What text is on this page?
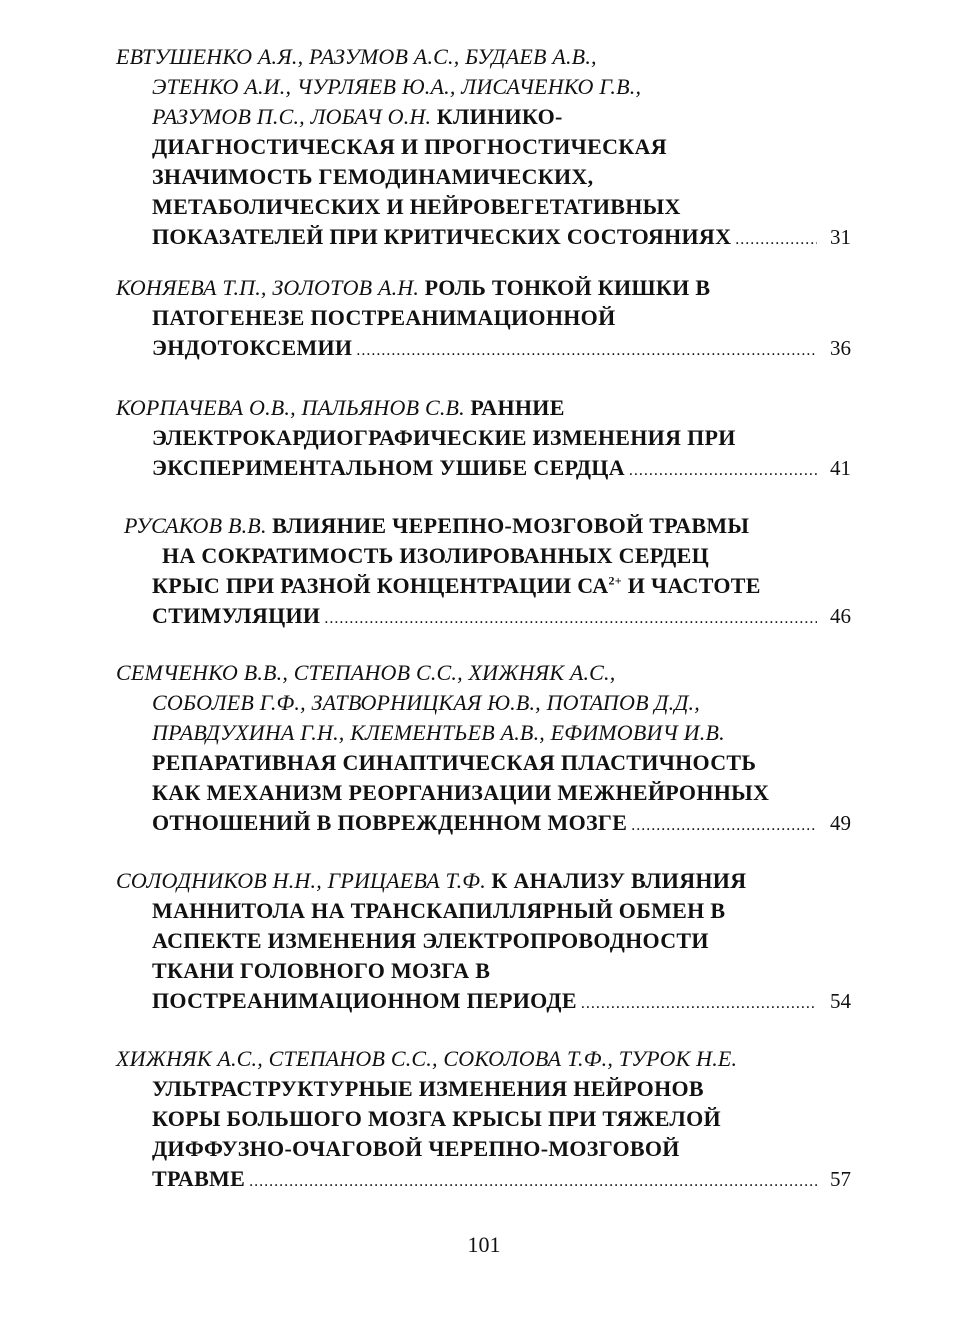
ЕВТУШЕНКО А.Я., РАЗУМОВ А.С., БУДАЕВ А.В.,
ЭТЕНКО А.И., ЧУРЛЯЕВ Ю.А., ЛИСАЧЕНКО Г.В.,
РАЗУМОВ П.С., ЛОБАЧ О.Н. КЛИНИКО-
ДИАГНОСТИЧЕСКАЯ И ПРОГНОСТИЧЕСКАЯ
ЗНАЧИМОСТЬ ГЕМОДИНАМИЧЕСКИХ,
МЕТАБОЛИЧЕСКИХ И НЕЙРОВЕГЕТАТИВНЫХ
ПОКАЗАТЕЛЕЙ ПРИ КРИТИЧЕСКИХ СОСТОЯНИЯХ .....	31
КОНЯЕВА Т.П., ЗОЛОТОВ А.Н. РОЛЬ ТОНКОЙ КИШКИ В
ПАТОГЕНЕЗЕ ПОСТРЕАНИМАЦИОННОЙ
ЭНДОТОКСЕМИИ .....	36
КОРПАЧЕВА О.В., ПАЛЬЯНОВ С.В. РАННИЕ
ЭЛЕКТРОКАРДИОГРАФИЧЕСКИЕ ИЗМЕНЕНИЯ ПРИ
ЭКСПЕРИМЕНТАЛЬНОМ УШИБЕ СЕРДЦА .....	41
РУСАКОВ В.В. ВЛИЯНИЕ ЧЕРЕПНО-МОЗГОВОЙ ТРАВМЫ
НА СОКРАТИМОСТЬ ИЗОЛИРОВАННЫХ СЕРДЕЦ
КРЫС ПРИ РАЗНОЙ КОНЦЕНТРАЦИИ $СА^{2+}$ И ЧАСТОТЕ
СТИМУЛЯЦИИ .....	46
СЕМЧЕНКО В.В., СТЕПАНОВ С.С., ХИЖНЯК А.С.,
СОБОЛЕВ Г.Ф., ЗАТВОРНИЦКАЯ Ю.В., ПОТАПОВ Д.Д.,
ПРАВДУХИНА Г.Н., КЛЕМЕНТЬЕВ А.В., ЕФИМОВИЧ И.В.
РЕПАРАТИВНАЯ СИНАПТИЧЕСКАЯ ПЛАСТИЧНОСТЬ
КАК МЕХАНИЗМ РЕОРГАНИЗАЦИИ МЕЖНЕЙРОННЫХ
ОТНОШЕНИЙ В ПОВРЕЖДЕННОМ МОЗГЕ .....	49
СОЛОДНИКОВ Н.Н., ГРИЦАЕВА Т.Ф. К АНАЛИЗУ ВЛИЯНИЯ
МАННИТОЛА НА ТРАНСКАПИЛЛЯРНЫЙ ОБМЕН В
АСПЕКТЕ ИЗМЕНЕНИЯ ЭЛЕКТРОПРОВОДНОСТИ
ТКАНИ ГОЛОВНОГО МОЗГА В
ПОСТРЕАНИМАЦИОННОМ ПЕРИОДЕ .....	54
ХИЖНЯК А.С., СТЕПАНОВ С.С., СОКОЛОВА Т.Ф., ТУРОК Н.Е.
УЛЬТРАСТРУКТУРНЫЕ ИЗМЕНЕНИЯ НЕЙРОНОВ
КОРЫ БОЛЬШОГО МОЗГА КРЫСЫ ПРИ ТЯЖЕЛОЙ
ДИФФУЗНО-ОЧАГОВОЙ ЧЕРЕПНО-МОЗГОВОЙ
ТРАВМЕ .....	57
101
